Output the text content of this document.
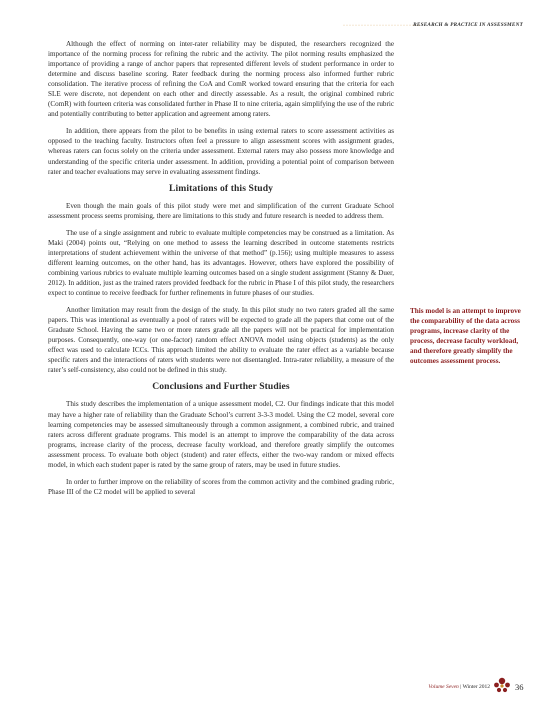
··························
RESEARCH & PRACTICE IN ASSESSMENT

Although the effect of norming on inter-rater reliability may be disputed, the researchers recognized the importance of the norming process for refining the rubric and the activity. The pilot norming results emphasized the importance of providing a range of anchor papers that represented different levels of student performance in order to determine and discuss baseline scoring. Rater feedback during the norming process also informed further rubric consolidation. The iterative process of refining the CoA and ComR worked toward ensuring that the criteria for each SLE were discrete, not dependent on each other and directly assessable. As a result, the original combined rubric (ComR) with fourteen criteria was consolidated further in Phase II to nine criteria, again simplifying the use of the rubric and potentially contributing to better application and agreement among raters.

In addition, there appears from the pilot to be benefits in using external raters to score assessment activities as opposed to the teaching faculty. Instructors often feel a pressure to align assessment scores with assignment grades, whereas raters can focus solely on the criteria under assessment. External raters may also possess more knowledge and understanding of the specific criteria under assessment. In addition, providing a potential point of comparison between rater and teacher evaluations may serve in evaluating assessment findings.

Limitations of this Study

Even though the main goals of this pilot study were met and simplification of the current Graduate School assessment process seems promising, there are limitations to this study and future research is needed to address them.

The use of a single assignment and rubric to evaluate multiple competencies may be construed as a limitation. As Maki (2004) points out, “Relying on one method to assess the learning described in outcome statements restricts interpretations of student achievement within the universe of that method” (p.156); using multiple measures to assess different learning outcomes, on the other hand, has its advantages. However, others have explored the possibility of combining various rubrics to evaluate multiple learning outcomes based on a single student assignment (Stanny & Duer, 2012). In addition, just as the trained raters provided feedback for the rubric in Phase I of this pilot study, the researchers expect to continue to receive feedback for further refinements in future phases of our studies.

Another limitation may result from the design of the study. In this pilot study no two raters graded all the same papers. This was intentional as eventually a pool of raters will be expected to grade all the papers that come out of the Graduate School. Having the same two or more raters grade all the papers will not be practical for implementation purposes. Consequently, one-way (or one-factor) random effect ANOVA model using objects (students) as the only effect was used to calculate ICCs. This approach limited the ability to evaluate the rater effect as a variable because specific raters and the interactions of raters with students were not disentangled. Intra-rater reliability, a measure of the rater’s self-consistency, also could not be defined in this study.

Conclusions and Further Studies

This study describes the implementation of a unique assessment model, C2. Our findings indicate that this model may have a higher rate of reliability than the Graduate School’s current 3-3-3 model. Using the C2 model, several core learning competencies may be assessed simultaneously through a common assignment, a combined rubric, and trained raters across different graduate programs. This model is an attempt to improve the comparability of the data across programs, increase clarity of the process, decrease faculty workload, and therefore greatly simplify the outcomes assessment process. To evaluate both object (student) and rater effects, either the two-way random or mixed effects model, in which each student paper is rated by the same group of raters, may be used in future studies.

In order to further improve on the reliability of scores from the common activity and the combined grading rubric, Phase III of the C2 model will be applied to several

This model is an attempt to improve the comparability of the data across programs, increase clarity of the process, decrease faculty workload, and therefore greatly simplify the outcomes assessment process.
Volume Seven | Winter 2012	36
